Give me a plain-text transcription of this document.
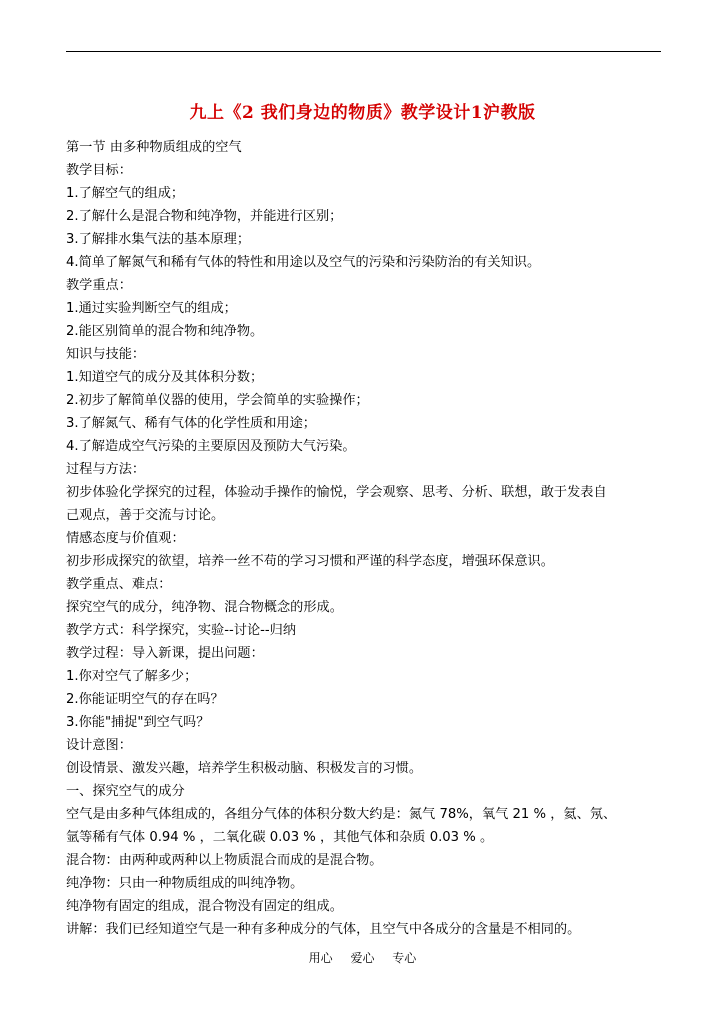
九上《2 我们身边的物质》教学设计1沪教版

第一节 由多种物质组成的空气

教学目标：

1.了解空气的组成；

2.了解什么是混合物和纯净物，并能进行区别；

3.了解排水集气法的基本原理；

4.简单了解氮气和稀有气体的特性和用途以及空气的污染和污染防治的有关知识。

教学重点：

1.通过实验判断空气的组成；

2.能区别简单的混合物和纯净物。

知识与技能：

1.知道空气的成分及其体积分数；

2.初步了解简单仪器的使用，学会简单的实验操作；

3.了解氮气、稀有气体的化学性质和用途；

4.了解造成空气污染的主要原因及预防大气污染。

过程与方法：

初步体验化学探究的过程，体验动手操作的愉悦，学会观察、思考、分析、联想，敢于发表自

己观点，善于交流与讨论。

情感态度与价值观：

初步形成探究的欲望，培养一丝不苟的学习习惯和严谨的科学态度，增强环保意识。

教学重点、难点：

探究空气的成分，纯净物、混合物概念的形成。

教学方式：科学探究，实验--讨论--归纳

教学过程：导入新课，提出问题：

1.你对空气了解多少；

2.你能证明空气的存在吗？

3.你能"捕捉"到空气吗？

设计意图：

创设情景、激发兴趣，培养学生积极动脑、积极发言的习惯。

一、探究空气的成分

空气是由多种气体组成的，各组分气体的体积分数大约是：氮气 78%，氧气 21 % ，氦、氖、

氩等稀有气体 0.94 % ，二氧化碳 0.03 % ，其他气体和杂质 0.03 % 。

混合物：由两种或两种以上物质混合而成的是混合物。

纯净物：只由一种物质组成的叫纯净物。

纯净物有固定的组成，混合物没有固定的组成。

讲解：我们已经知道空气是一种有多种成分的气体，且空气中各成分的含量是不相同的。

用心 爱心 专心
